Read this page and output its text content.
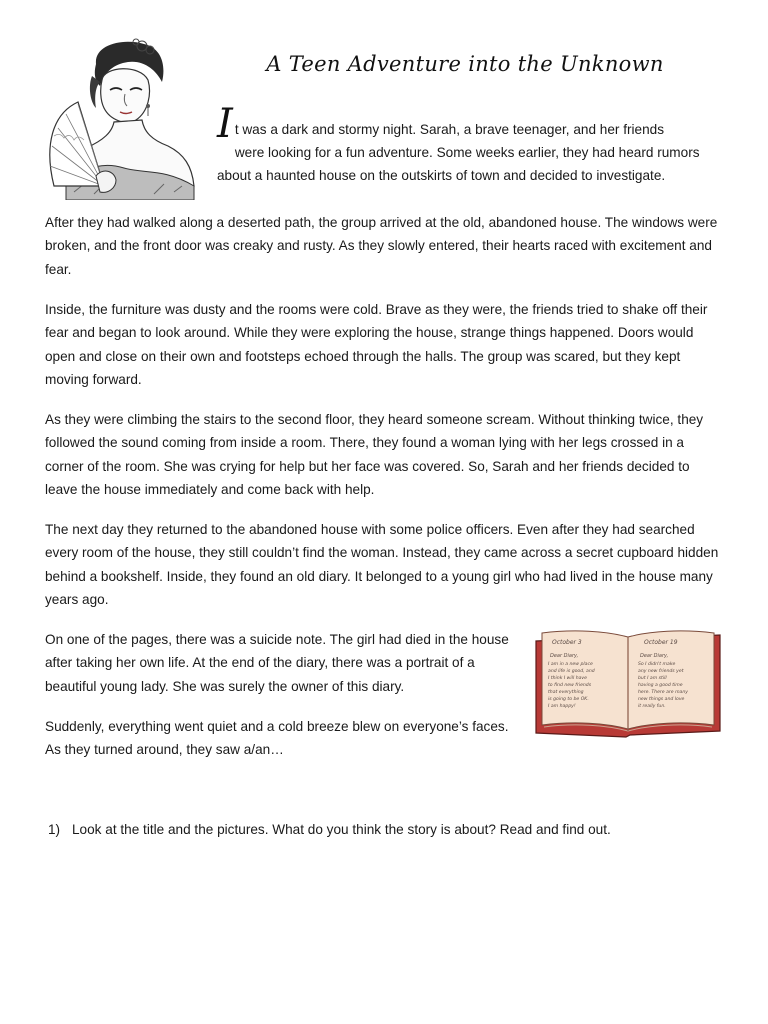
A Teen Adventure into the Unknown
I t was a dark and stormy night. Sarah, a brave teenager, and her friends

were looking for a fun adventure. Some weeks earlier, they had heard rumors about a haunted house on the outskirts of town and decided to investigate.

After they had walked along a deserted path, the group arrived at the old, abandoned house. The windows were broken, and the front door was creaky and rusty. As they slowly entered, their hearts raced with excitement and fear.

Inside, the furniture was dusty and the rooms were cold. Brave as they were, the friends tried to shake off their fear and began to look around. While they were exploring the house, strange things happened. Doors would open and close on their own and footsteps echoed through the halls. The group was scared, but they kept moving forward.

As they were climbing the stairs to the second floor, they heard someone scream. Without thinking twice, they followed the sound coming from inside a room. There, they found a woman lying with her legs crossed in a corner of the room. She was crying for help but her face was covered. So, Sarah and her friends decided to leave the house immediately and come back with help.

The next day they returned to the abandoned house with some police officers. Even after they had searched every room of the house, they still couldn’t find the woman. Instead, they came across a secret cupboard hidden behind a bookshelf. Inside, they found an old diary. It belonged to a young girl who had lived in the house many years ago.

On one of the pages, there was a suicide note. The girl had died in the house after taking her own life. At the end of the diary, there was a portrait of a beautiful young lady. She was surely the owner of this diary.

Suddenly, everything went quiet and a cold breeze blew on everyone’s faces. As they turned around, they saw a/an…

October 3
Dear Diary,
I am in a new place
and life is good, and
I think I will have
to find new friends
that everything
is going to be OK.
I am happy!
October 19
Dear Diary,
So I didn't make
any new friends yet
but I am still
having a good time
here. There are many
new things and love
it really fun.

1) Look at the title and the pictures. What do you think the story is about? Read and find out.
